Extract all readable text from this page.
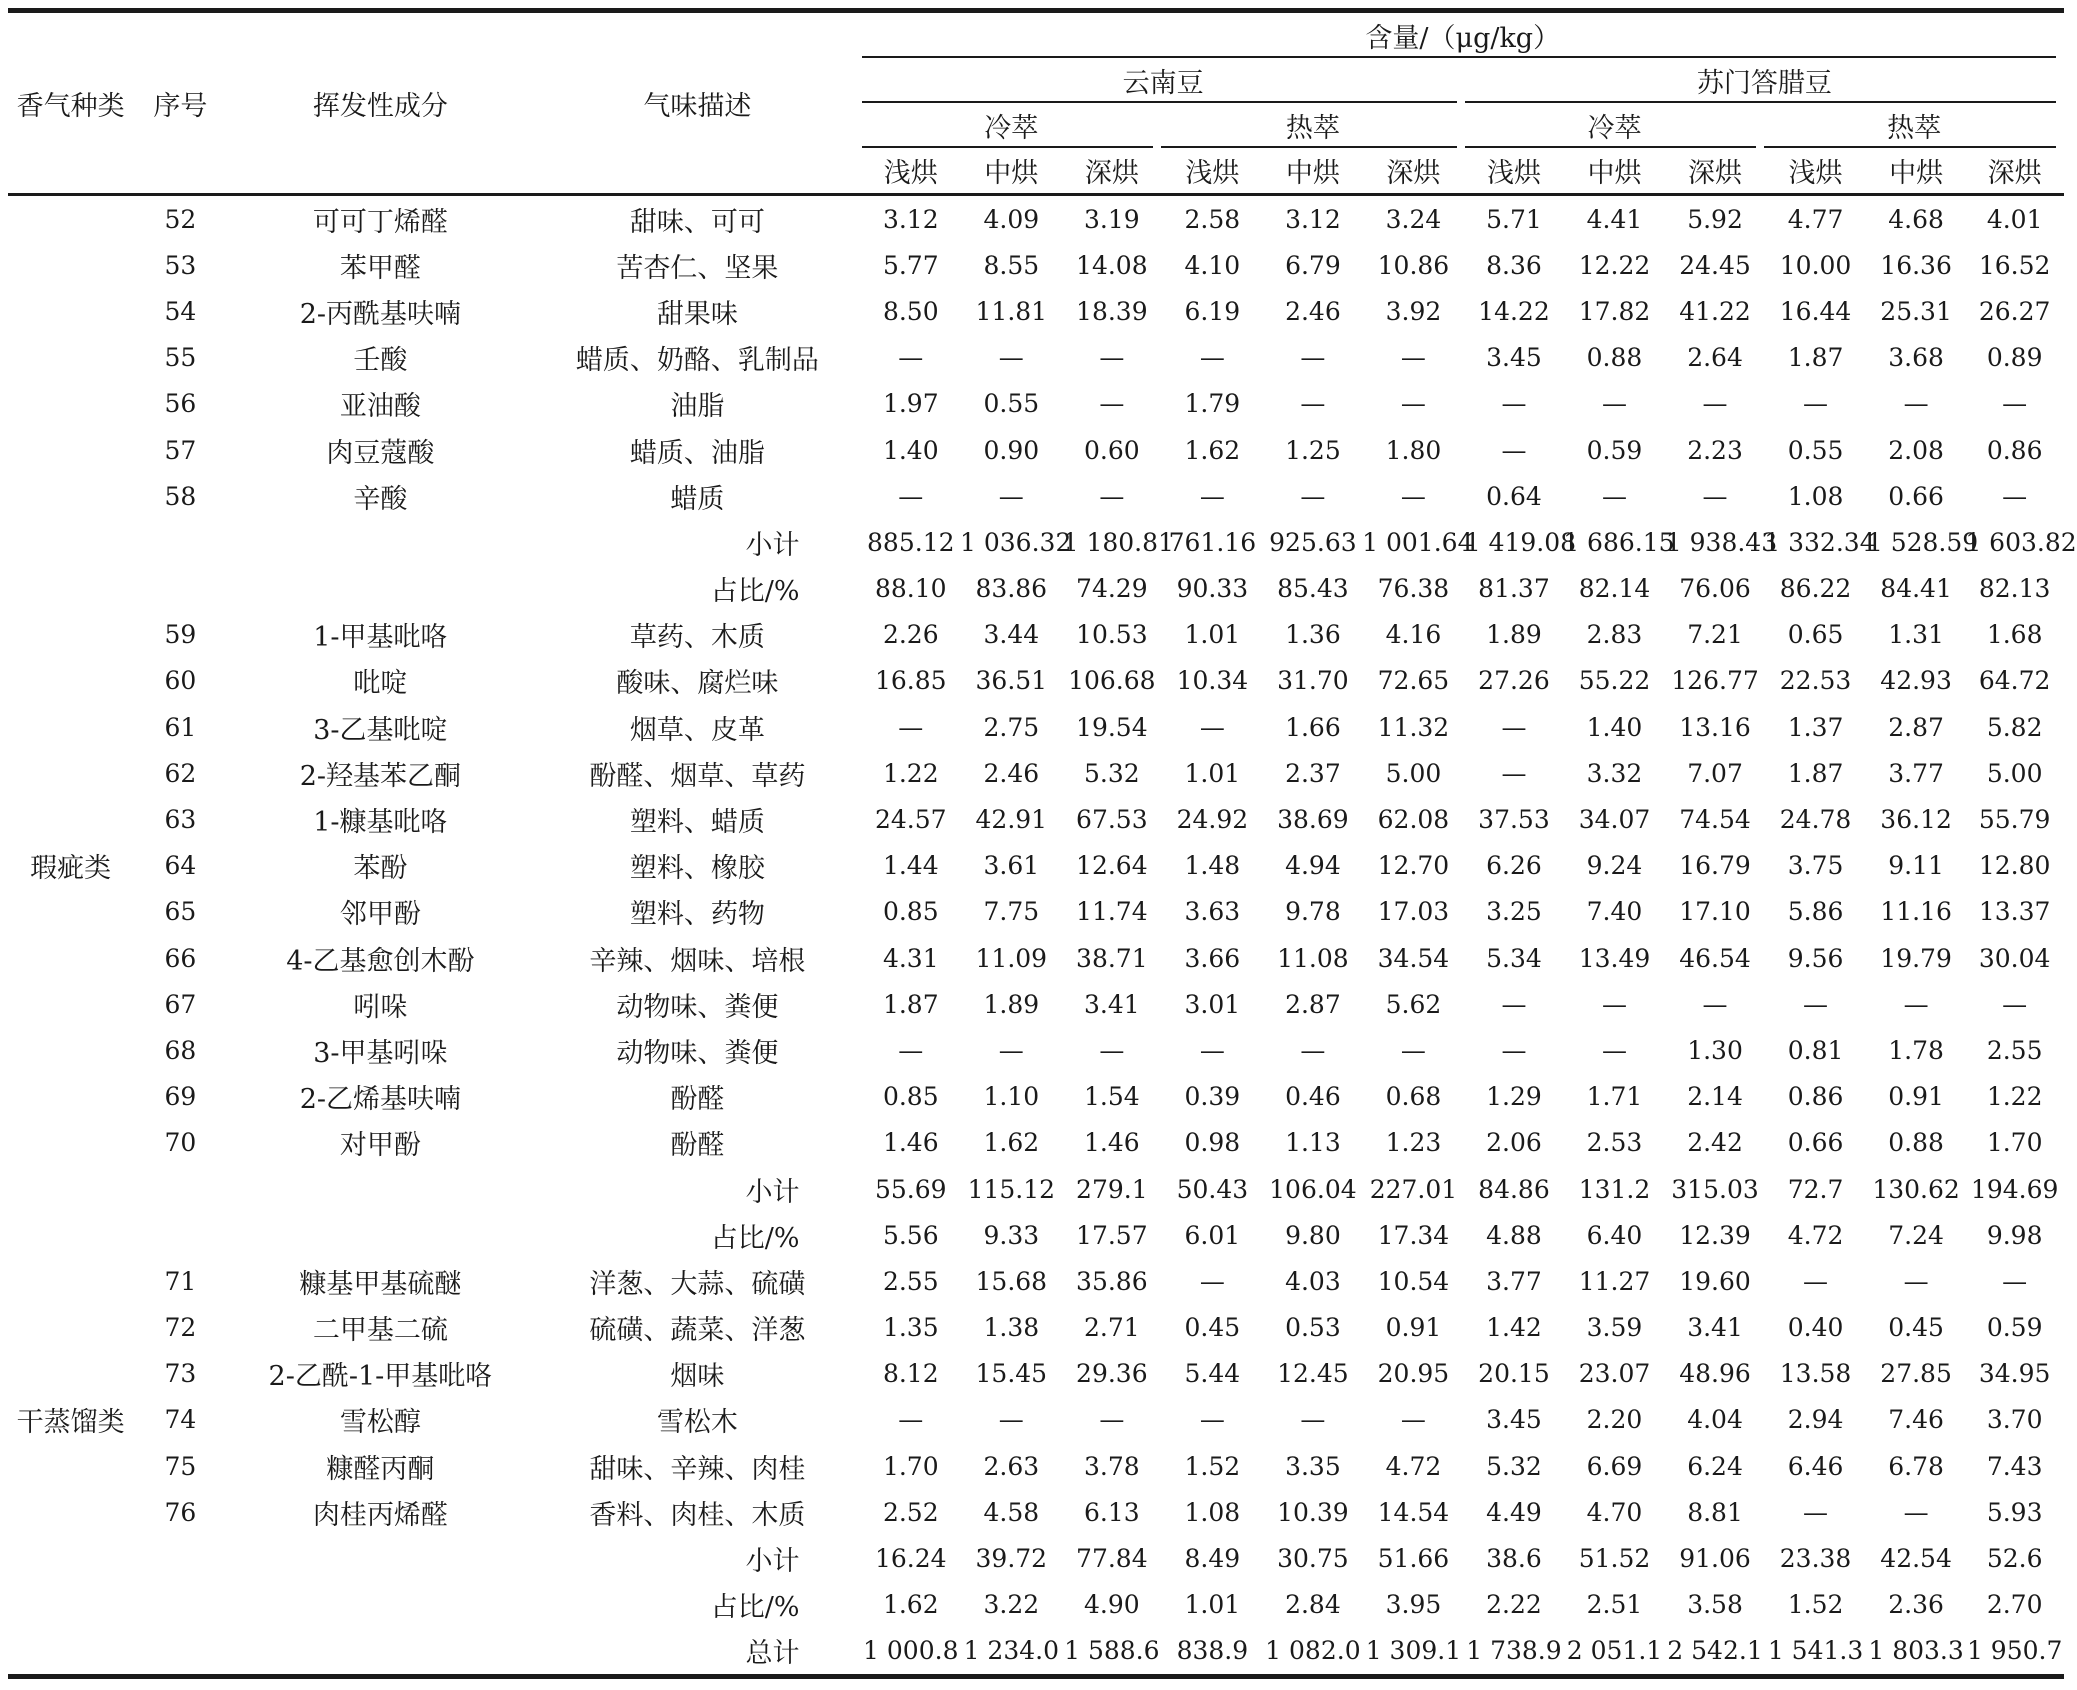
香气种类	序号	挥发性成分	气味描述	含量/（μg/kg）											
				云南豆						苏门答腊豆					
				冷萃			热萃			冷萃			热萃		
				浅烘	中烘	深烘	浅烘	中烘	深烘	浅烘	中烘	深烘	浅烘	中烘	深烘
	52	可可丁烯醛	甜味、可可	3.12	4.09	3.19	2.58	3.12	3.24	5.71	4.41	5.92	4.77	4.68	4.01
	53	苯甲醛	苦杏仁、坚果	5.77	8.55	14.08	4.10	6.79	10.86	8.36	12.22	24.45	10.00	16.36	16.52
	54	2-丙酰基呋喃	甜果味	8.50	11.81	18.39	6.19	2.46	3.92	14.22	17.82	41.22	16.44	25.31	26.27
	55	壬酸	蜡质、奶酪、乳制品	—	—	—	—	—	—	3.45	0.88	2.64	1.87	3.68	0.89
	56	亚油酸	油脂	1.97	0.55	—	1.79	—	—	—	—	—	—	—	—
	57	肉豆蔻酸	蜡质、油脂	1.40	0.90	0.60	1.62	1.25	1.80	—	0.59	2.23	0.55	2.08	0.86
	58	辛酸	蜡质	—	—	—	—	—	—	0.64	—	—	1.08	0.66	—
	小计			885.12	1 036.32	1 180.81	761.16	925.63	1 001.64	1 419.08	1 686.15	1 938.43	1 332.34	1 528.59	1 603.82
	占比/%			88.10	83.86	74.29	90.33	85.43	76.38	81.37	82.14	76.06	86.22	84.41	82.13
	59	1-甲基吡咯	草药、木质	2.26	3.44	10.53	1.01	1.36	4.16	1.89	2.83	7.21	0.65	1.31	1.68
	60	吡啶	酸味、腐烂味	16.85	36.51	106.68	10.34	31.70	72.65	27.26	55.22	126.77	22.53	42.93	64.72
	61	3-乙基吡啶	烟草、皮革	—	2.75	19.54	—	1.66	11.32	—	1.40	13.16	1.37	2.87	5.82
	62	2-羟基苯乙酮	酚醛、烟草、草药	1.22	2.46	5.32	1.01	2.37	5.00	—	3.32	7.07	1.87	3.77	5.00
	63	1-糠基吡咯	塑料、蜡质	24.57	42.91	67.53	24.92	38.69	62.08	37.53	34.07	74.54	24.78	36.12	55.79
瑕疵类	64	苯酚	塑料、橡胶	1.44	3.61	12.64	1.48	4.94	12.70	6.26	9.24	16.79	3.75	9.11	12.80
	65	邻甲酚	塑料、药物	0.85	7.75	11.74	3.63	9.78	17.03	3.25	7.40	17.10	5.86	11.16	13.37
	66	4-乙基愈创木酚	辛辣、烟味、培根	4.31	11.09	38.71	3.66	11.08	34.54	5.34	13.49	46.54	9.56	19.79	30.04
	67	吲哚	动物味、粪便	1.87	1.89	3.41	3.01	2.87	5.62	—	—	—	—	—	—
	68	3-甲基吲哚	动物味、粪便	—	—	—	—	—	—	—	—	1.30	0.81	1.78	2.55
	69	2-乙烯基呋喃	酚醛	0.85	1.10	1.54	0.39	0.46	0.68	1.29	1.71	2.14	0.86	0.91	1.22
	70	对甲酚	酚醛	1.46	1.62	1.46	0.98	1.13	1.23	2.06	2.53	2.42	0.66	0.88	1.70
	小计			55.69	115.12	279.1	50.43	106.04	227.01	84.86	131.2	315.03	72.7	130.62	194.69
	占比/%			5.56	9.33	17.57	6.01	9.80	17.34	4.88	6.40	12.39	4.72	7.24	9.98
	71	糠基甲基硫醚	洋葱、大蒜、硫磺	2.55	15.68	35.86	—	4.03	10.54	3.77	11.27	19.60	—	—	—
	72	二甲基二硫	硫磺、蔬菜、洋葱	1.35	1.38	2.71	0.45	0.53	0.91	1.42	3.59	3.41	0.40	0.45	0.59
	73	2-乙酰-1-甲基吡咯	烟味	8.12	15.45	29.36	5.44	12.45	20.95	20.15	23.07	48.96	13.58	27.85	34.95
干蒸馏类	74	雪松醇	雪松木	—	—	—	—	—	—	3.45	2.20	4.04	2.94	7.46	3.70
	75	糠醛丙酮	甜味、辛辣、肉桂	1.70	2.63	3.78	1.52	3.35	4.72	5.32	6.69	6.24	6.46	6.78	7.43
	76	肉桂丙烯醛	香料、肉桂、木质	2.52	4.58	6.13	1.08	10.39	14.54	4.49	4.70	8.81	—	—	5.93
	小计			16.24	39.72	77.84	8.49	30.75	51.66	38.6	51.52	91.06	23.38	42.54	52.6
	占比/%			1.62	3.22	4.90	1.01	2.84	3.95	2.22	2.51	3.58	1.52	2.36	2.70
	总计			1 000.8	1 234.0	1 588.6	838.9	1 082.0	1 309.1	1 738.9	2 051.1	2 542.1	1 541.3	1 803.3	1 950.7
